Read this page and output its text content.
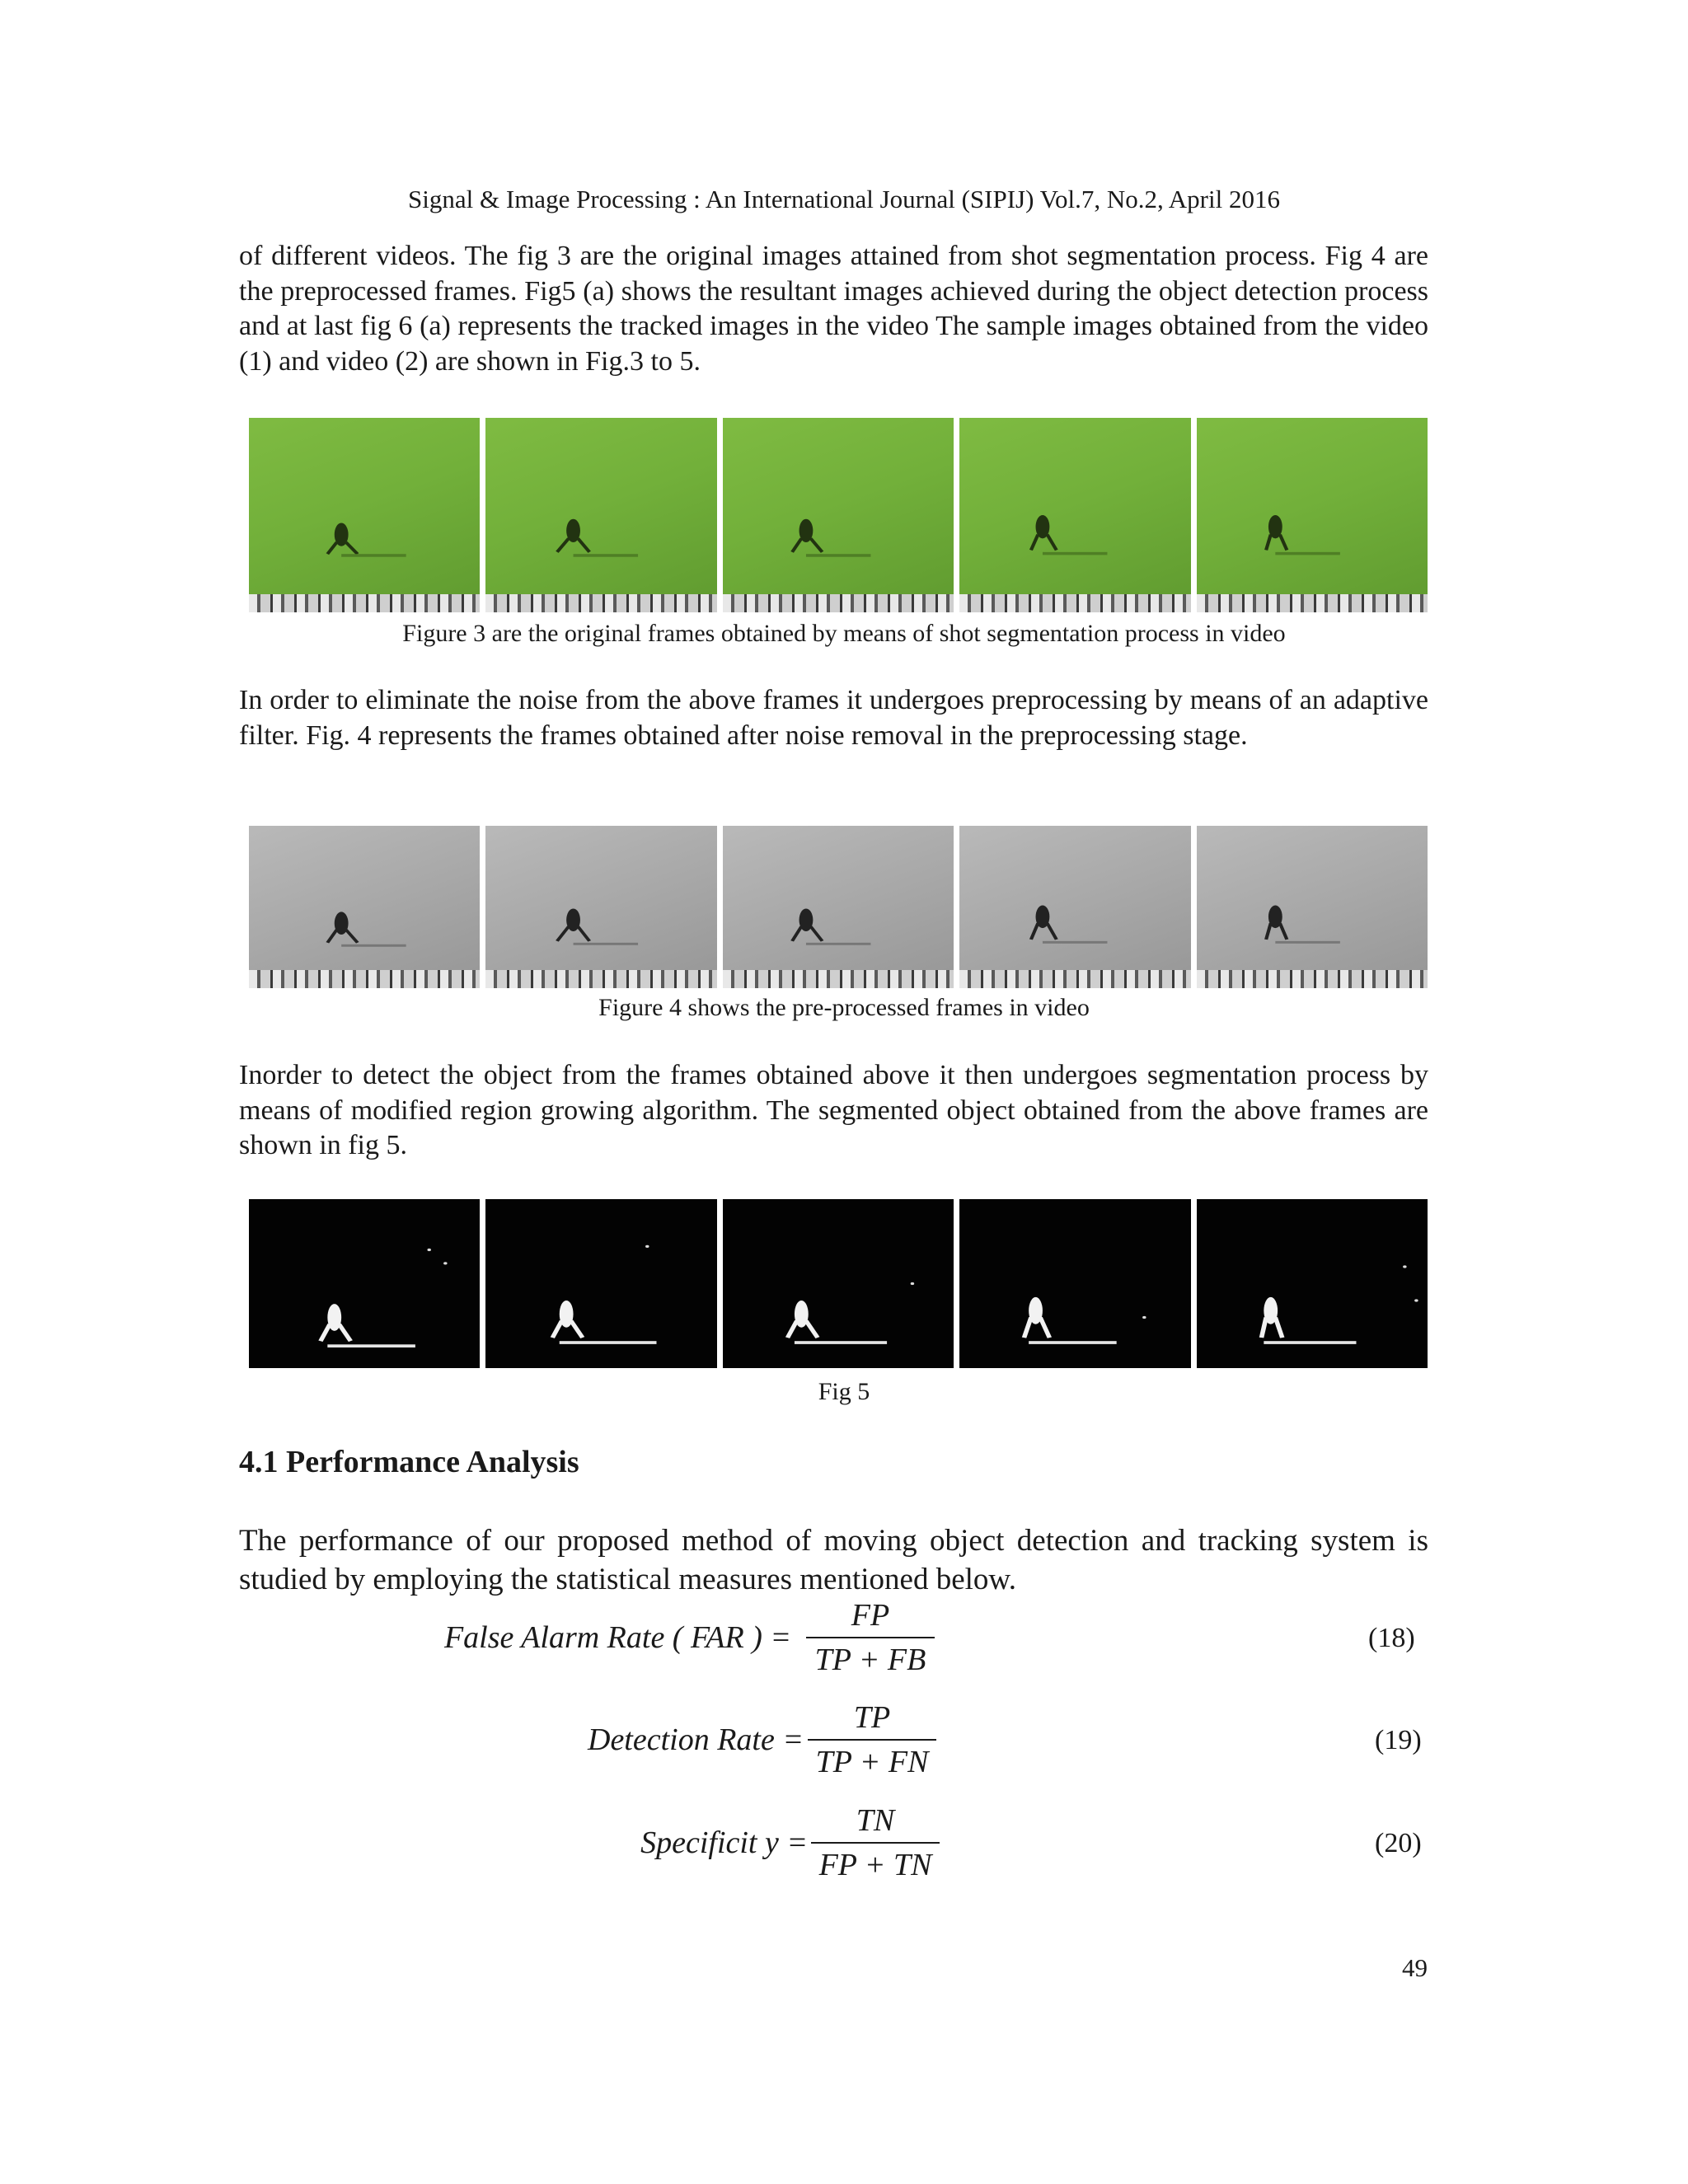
Signal & Image Processing : An International Journal (SIPIJ) Vol.7, No.2, April 2016

of different videos. The fig 3 are the original images attained from shot segmentation process. Fig 4 are the preprocessed frames. Fig5 (a) shows the resultant images achieved during the object detection process and at last fig 6 (a) represents the tracked images in the video The sample images obtained from the video (1) and video (2) are shown in Fig.3 to 5.

Figure 3 are the original frames obtained by means of shot segmentation process in video

In order to eliminate the noise from the above frames it undergoes preprocessing by means of an adaptive filter. Fig. 4 represents the frames obtained after noise removal in the preprocessing stage.

Figure 4 shows the pre-processed frames in video

Inorder to detect the object from the frames obtained above it then undergoes segmentation process by means of modified region growing algorithm. The segmented object obtained from the above frames are shown in fig 5.

Fig 5
4.1 Performance Analysis

The performance of our proposed method of moving object detection and tracking system is studied by employing the statistical measures mentioned below.

False Alarm Rate ( FAR ) =
FP
TP + FB
Detection Rate =
TP
TP + FN
Specificit y =
TN
FP + TN
(18)
(19)
(20)
49
